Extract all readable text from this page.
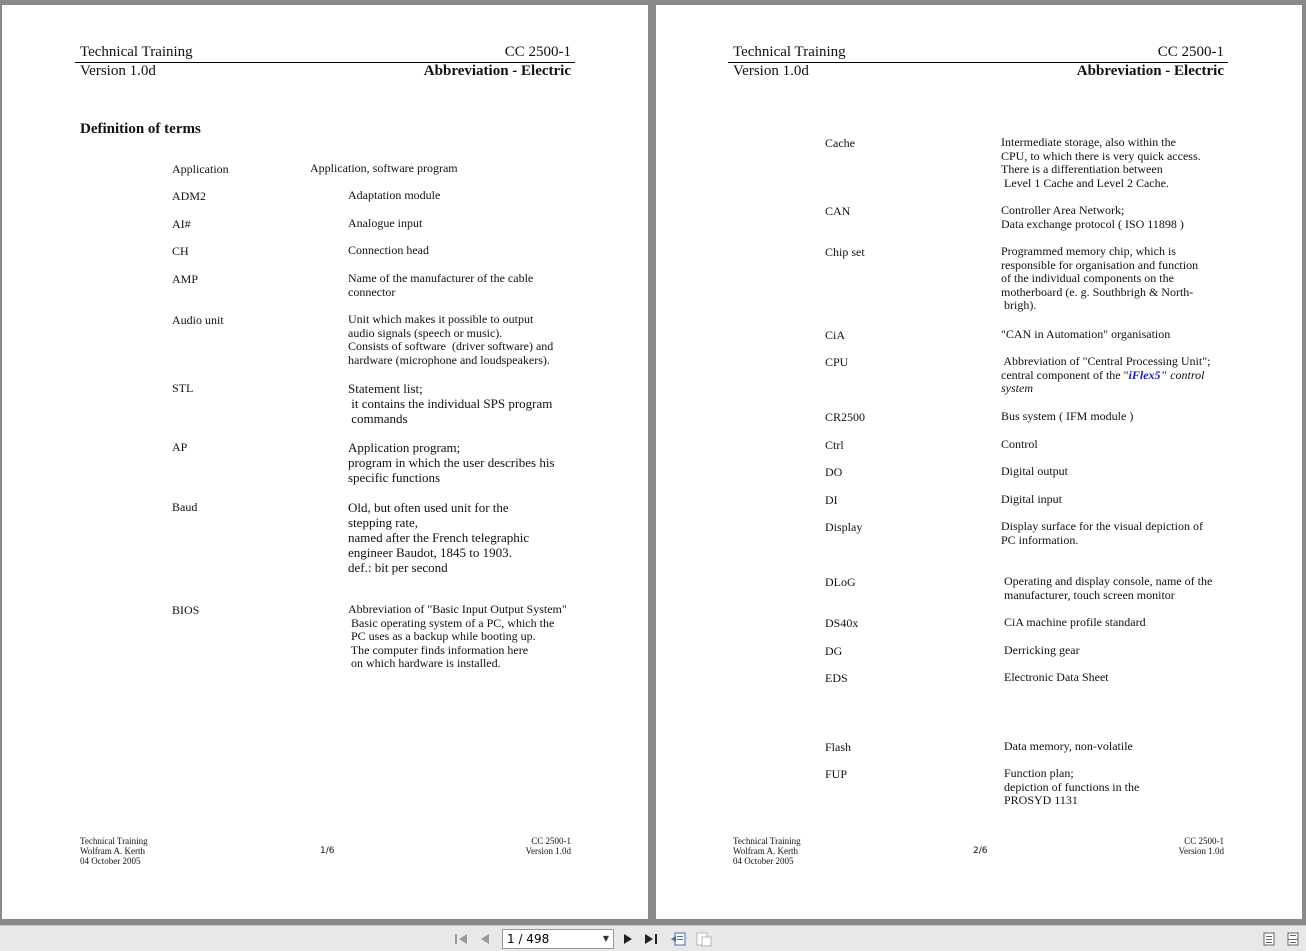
Technical Training	CC 2500-1
Version 1.0d	Abbreviation - Electric
Definition of terms
Application	Application, software program
ADM2	Adaptation module
AI#	Analogue input
CH	Connection head
AMP	Name of the manufacturer of the cable
connector
Audio unit	Unit which makes it possible to output
audio signals (speech or music).
Consists of software  (driver software) and
hardware (microphone and loudspeakers).
STL	Statement list;
it contains the individual SPS program
commands
AP	Application program;
program in which the user describes his
specific functions
Baud	Old, but often used unit for the
stepping rate,
named after the French telegraphic
engineer Baudot, 1845 to 1903.
def.: bit per second
BIOS	Abbreviation of "Basic Input Output System"
Basic operating system of a PC, which the
PC uses as a backup while booting up.
The computer finds information here
on which hardware is installed.
Technical Training
Wolfram A. Kerth
04 October 2005
1/6
CC 2500-1
Version 1.0d
Technical Training	CC 2500-1
Version 1.0d	Abbreviation - Electric
Cache	Intermediate storage, also within the
CPU, to which there is very quick access.
There is a differentiation between
Level 1 Cache and Level 2 Cache.
CAN	Controller Area Network;
Data exchange protocol ( ISO 11898 )
Chip set	Programmed memory chip, which is
responsible for organisation and function
of the individual components on the
motherboard (e. g. Southbrigh & North-
brigh).
CiA	"CAN in Automation" organisation
CPU	Abbreviation of "Central Processing Unit";
central component of the "iFlex5" control
system
CR2500	Bus system ( IFM module )
Ctrl	Control
DO	Digital output
DI	Digital input
Display	Display surface for the visual depiction of
PC information.
DLoG	Operating and display console, name of the
manufacturer, touch screen monitor
DS40x	CiA machine profile standard
DG	Derricking gear
EDS	Electronic Data Sheet
Flash	Data memory, non-volatile
FUP	Function plan;
depiction of functions in the
PROSYD 1131
Technical Training
Wolfram A. Kerth
04 October 2005
2/6
CC 2500-1
Version 1.0d
1 / 498	▼
